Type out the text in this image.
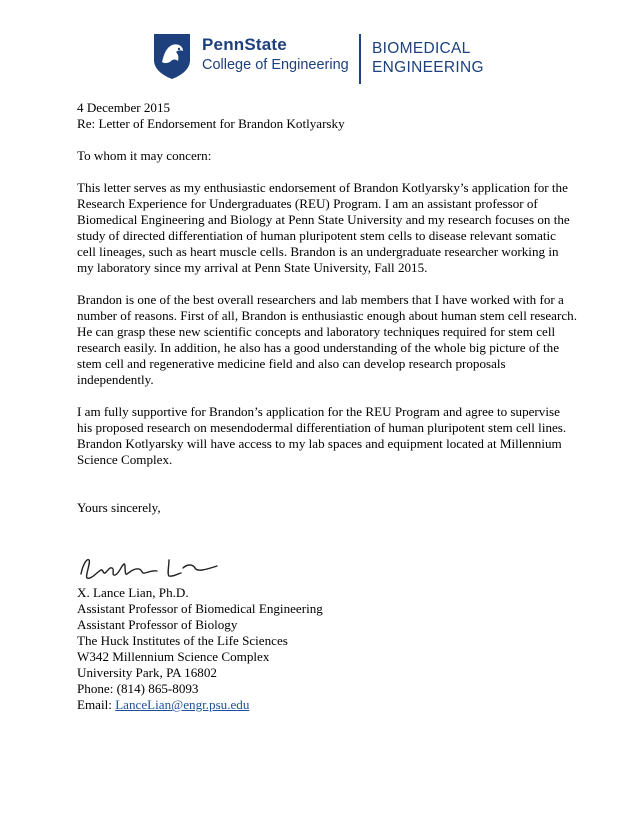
PennState
College of Engineering
BIOMEDICAL
ENGINEERING

4 December 2015

Re: Letter of Endorsement for Brandon Kotlyarsky

To whom it may concern:

This letter serves as my enthusiastic endorsement of Brandon Kotlyarsky’s application for the Research Experience for Undergraduates (REU) Program. I am an assistant professor of Biomedical Engineering and Biology at Penn State University and my research focuses on the study of directed differentiation of human pluripotent stem cells to disease relevant somatic cell lineages, such as heart muscle cells. Brandon is an undergraduate researcher working in my laboratory since my arrival at Penn State University, Fall 2015.

Brandon is one of the best overall researchers and lab members that I have worked with for a number of reasons. First of all, Brandon is enthusiastic enough about human stem cell research. He can grasp these new scientific concepts and laboratory techniques required for stem cell research easily. In addition, he also has a good understanding of the whole big picture of the stem cell and regenerative medicine field and also can develop research proposals independently.

I am fully supportive for Brandon’s application for the REU Program and agree to supervise his proposed research on mesendodermal differentiation of human pluripotent stem cell lines. Brandon Kotlyarsky will have access to my lab spaces and equipment located at Millennium Science Complex.

Yours sincerely,

X. Lance Lian, Ph.D.

Assistant Professor of Biomedical Engineering

Assistant Professor of Biology

The Huck Institutes of the Life Sciences

W342 Millennium Science Complex

University Park, PA 16802

Phone: (814) 865-8093

Email: LanceLian@engr.psu.edu
